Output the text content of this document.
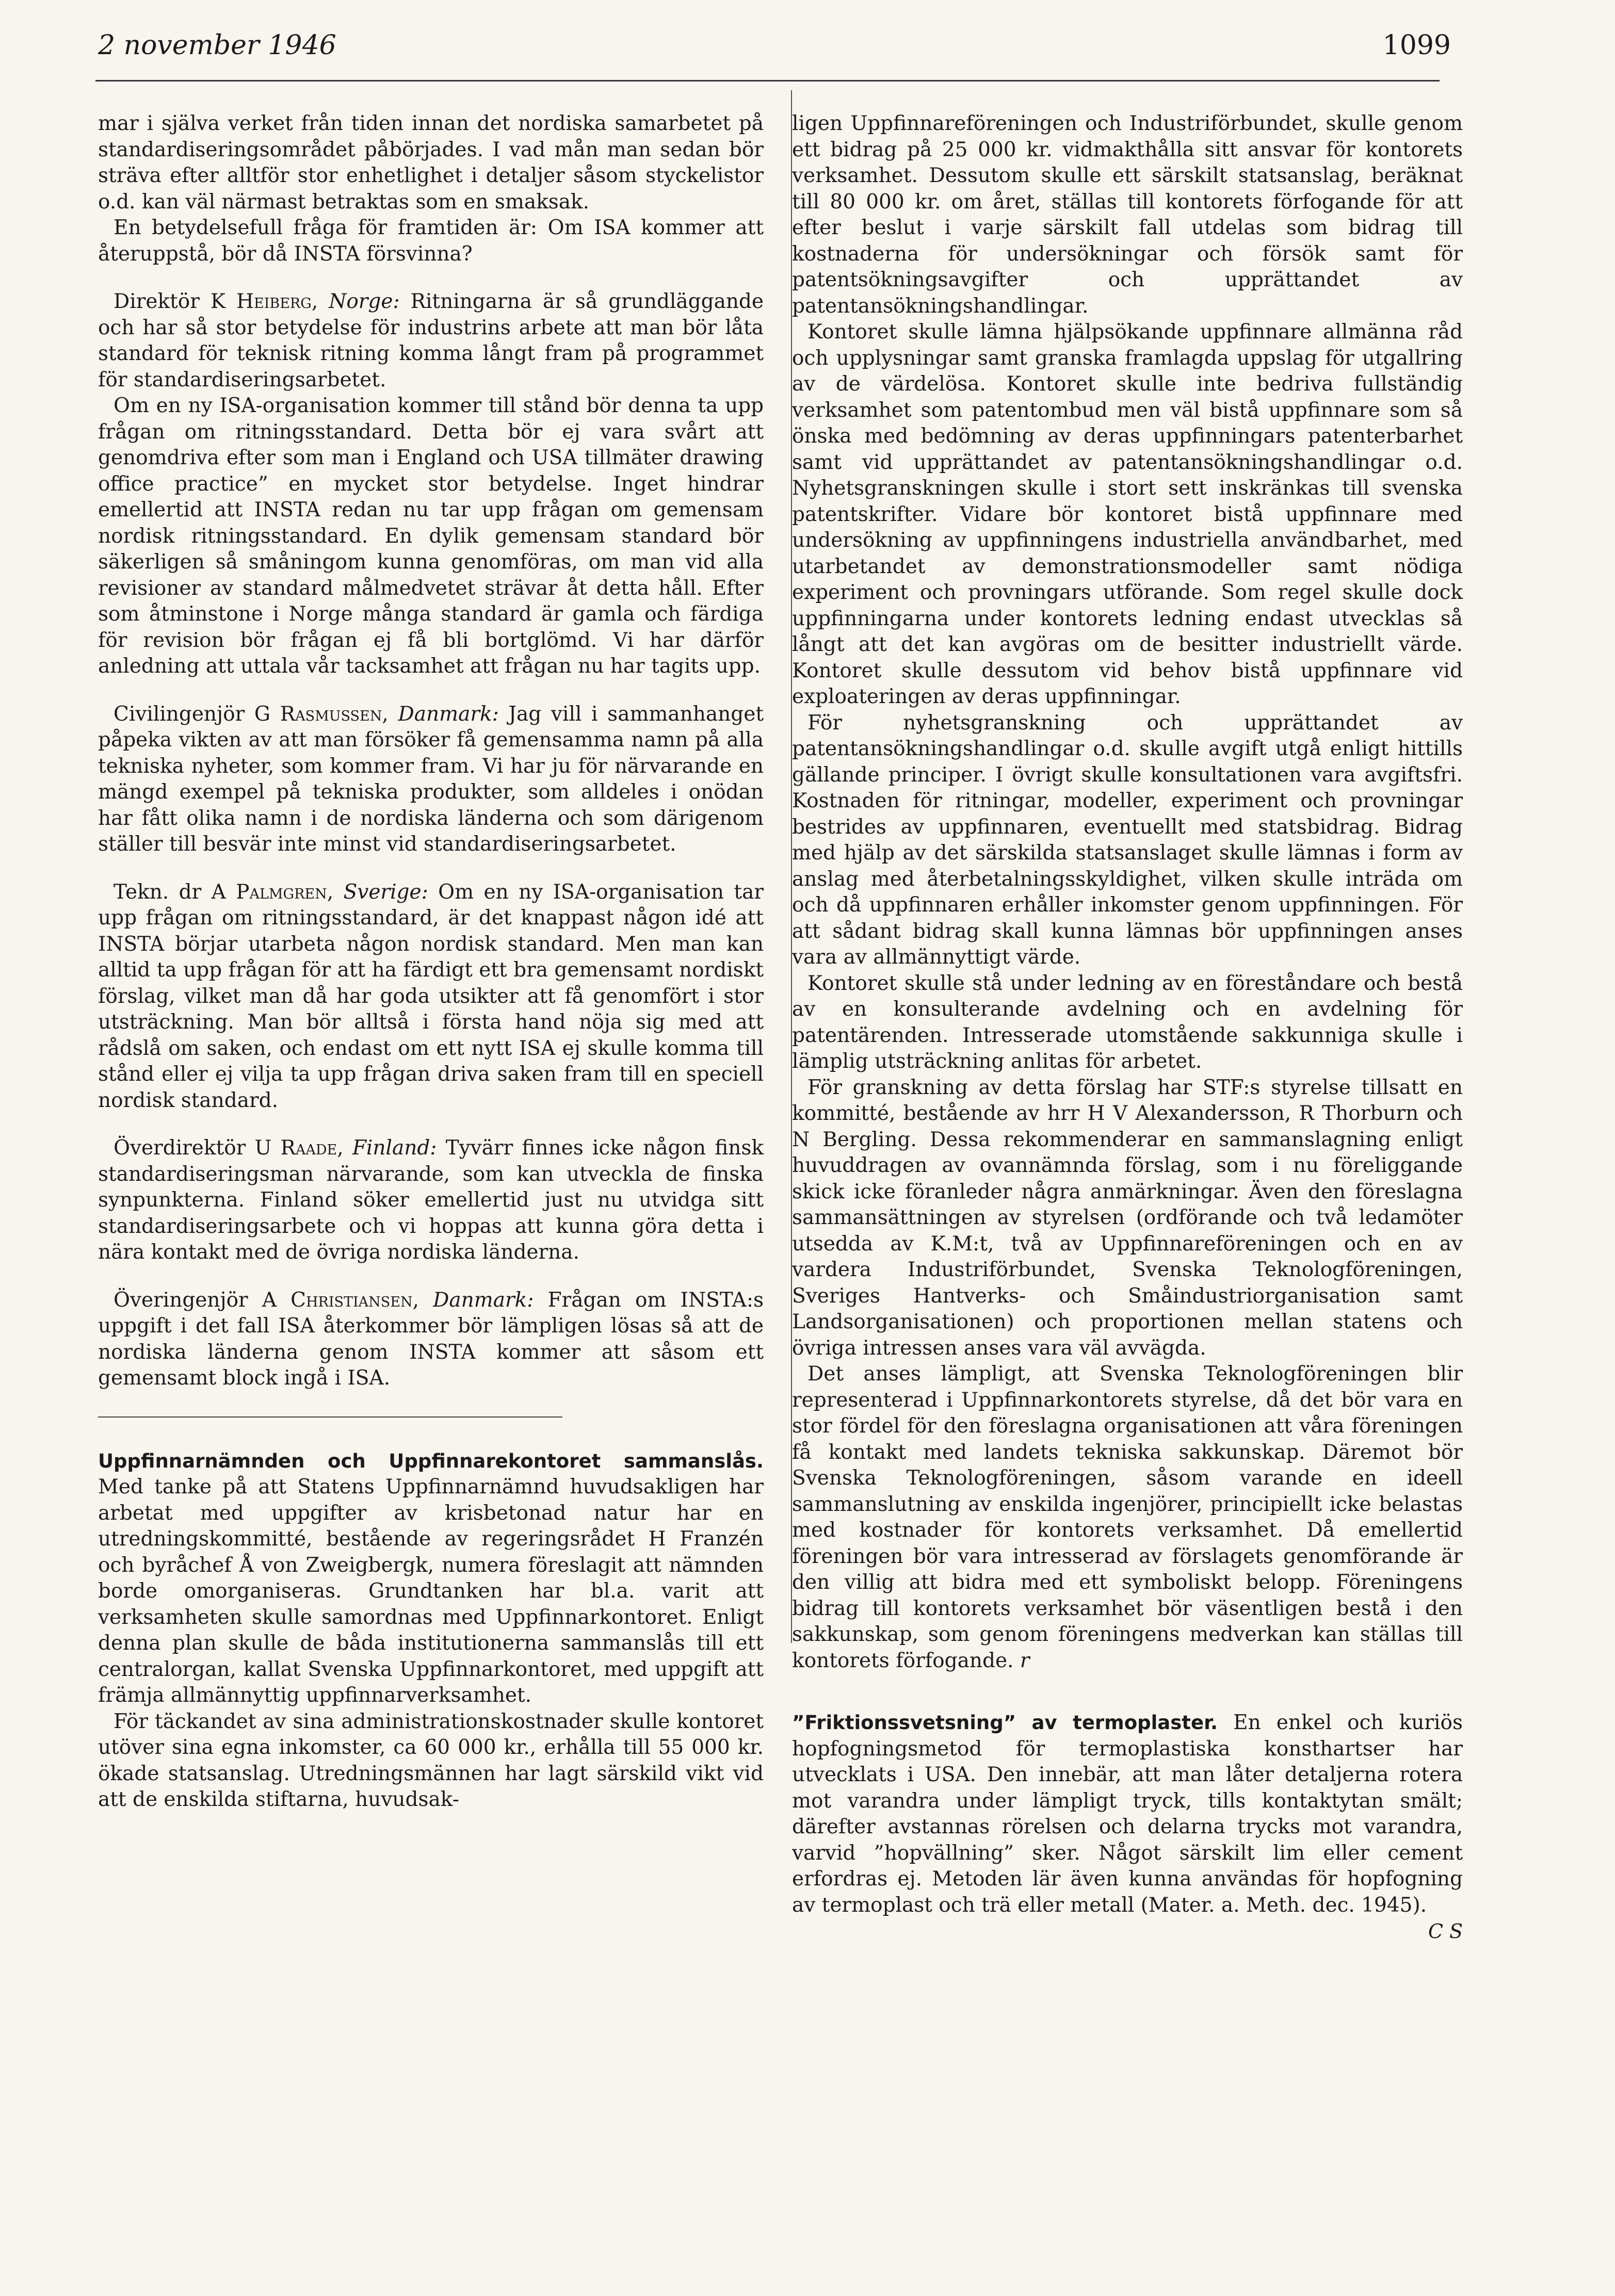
2 november 1946	1099

mar i själva verket från tiden innan det nordiska samarbetet på standardiseringsområdet påbörjades. I vad mån man sedan bör sträva efter alltför stor enhetlighet i detaljer såsom styckelistor o.d. kan väl närmast betraktas som en smaksak.

En betydelsefull fråga för framtiden är: Om ISA kommer att återuppstå, bör då INSTA försvinna?

Direktör K Heiberg, Norge: Ritningarna är så grundläggande och har så stor betydelse för industrins arbete att man bör låta standard för teknisk ritning komma långt fram på programmet för standardiseringsarbetet.

Om en ny ISA-organisation kommer till stånd bör denna ta upp frågan om ritningsstandard. Detta bör ej vara svårt att genomdriva efter som man i England och USA tillmäter drawing office practice” en mycket stor betydelse. Inget hindrar emellertid att INSTA redan nu tar upp frågan om gemensam nordisk ritningsstandard. En dylik gemensam standard bör säkerligen så småningom kunna genomföras, om man vid alla revisioner av standard målmedvetet strävar åt detta håll. Efter som åtminstone i Norge många standard är gamla och färdiga för revision bör frågan ej få bli bortglömd. Vi har därför anledning att uttala vår tacksamhet att frågan nu har tagits upp.

Civilingenjör G Rasmussen, Danmark: Jag vill i sammanhanget påpeka vikten av att man försöker få gemensamma namn på alla tekniska nyheter, som kommer fram. Vi har ju för närvarande en mängd exempel på tekniska produkter, som alldeles i onödan har fått olika namn i de nordiska länderna och som därigenom ställer till besvär inte minst vid standardiseringsarbetet.

Tekn. dr A Palmgren, Sverige: Om en ny ISA-organisation tar upp frågan om ritningsstandard, är det knappast någon idé att INSTA börjar utarbeta någon nordisk standard. Men man kan alltid ta upp frågan för att ha färdigt ett bra gemensamt nordiskt förslag, vilket man då har goda utsikter att få genomfört i stor utsträckning. Man bör alltså i första hand nöja sig med att rådslå om saken, och endast om ett nytt ISA ej skulle komma till stånd eller ej vilja ta upp frågan driva saken fram till en speciell nordisk standard.

Överdirektör U Raade, Finland: Tyvärr finnes icke någon finsk standardiseringsman närvarande, som kan utveckla de finska synpunkterna. Finland söker emellertid just nu utvidga sitt standardiseringsarbete och vi hoppas att kunna göra detta i nära kontakt med de övriga nordiska länderna.

Överingenjör A Christiansen, Danmark: Frågan om INSTA:s uppgift i det fall ISA återkommer bör lämpligen lösas så att de nordiska länderna genom INSTA kommer att såsom ett gemensamt block ingå i ISA.

Uppfinnarnämnden och Uppfinnarekontoret sammanslås. Med tanke på att Statens Uppfinnarnämnd huvudsakligen har arbetat med uppgifter av krisbetonad natur har en utredningskommitté, bestående av regeringsrådet H Franzén och byråchef Å von Zweigbergk, numera föreslagit att nämnden borde omorganiseras. Grundtanken har bl.a. varit att verksamheten skulle samordnas med Uppfinnarkontoret. Enligt denna plan skulle de båda institutionerna sammanslås till ett centralorgan, kallat Svenska Uppfinnarkontoret, med uppgift att främja allmännyttig uppfinnarverksamhet.

För täckandet av sina administrationskostnader skulle kontoret utöver sina egna inkomster, ca 60 000 kr., erhålla till 55 000 kr. ökade statsanslag. Utredningsmännen har lagt särskild vikt vid att de enskilda stiftarna, huvudsak-

ligen Uppfinnareföreningen och Industriförbundet, skulle genom ett bidrag på 25 000 kr. vidmakthålla sitt ansvar för kontorets verksamhet. Dessutom skulle ett särskilt statsanslag, beräknat till 80 000 kr. om året, ställas till kontorets förfogande för att efter beslut i varje särskilt fall utdelas som bidrag till kostnaderna för undersökningar och försök samt för patentsökningsavgifter och upprättandet av patentansökningshandlingar.

Kontoret skulle lämna hjälpsökande uppfinnare allmänna råd och upplysningar samt granska framlagda uppslag för utgallring av de värdelösa. Kontoret skulle inte bedriva fullständig verksamhet som patentombud men väl bistå uppfinnare som så önska med bedömning av deras uppfinningars patenterbarhet samt vid upprättandet av patentansökningshandlingar o.d. Nyhetsgranskningen skulle i stort sett inskränkas till svenska patentskrifter. Vidare bör kontoret bistå uppfinnare med undersökning av uppfinningens industriella användbarhet, med utarbetandet av demonstrationsmodeller samt nödiga experiment och provningars utförande. Som regel skulle dock uppfinningarna under kontorets ledning endast utvecklas så långt att det kan avgöras om de besitter industriellt värde. Kontoret skulle dessutom vid behov bistå uppfinnare vid exploateringen av deras uppfinningar.

För nyhetsgranskning och upprättandet av patentansökningshandlingar o.d. skulle avgift utgå enligt hittills gällande principer. I övrigt skulle konsultationen vara avgiftsfri. Kostnaden för ritningar, modeller, experiment och provningar bestrides av uppfinnaren, eventuellt med statsbidrag. Bidrag med hjälp av det särskilda statsanslaget skulle lämnas i form av anslag med återbetalningsskyldighet, vilken skulle inträda om och då uppfinnaren erhåller inkomster genom uppfinningen. För att sådant bidrag skall kunna lämnas bör uppfinningen anses vara av allmännyttigt värde.

Kontoret skulle stå under ledning av en föreståndare och bestå av en konsulterande avdelning och en avdelning för patentärenden. Intresserade utomstående sakkunniga skulle i lämplig utsträckning anlitas för arbetet.

För granskning av detta förslag har STF:s styrelse tillsatt en kommitté, bestående av hrr H V Alexandersson, R Thorburn och N Bergling. Dessa rekommenderar en sammanslagning enligt huvuddragen av ovannämnda förslag, som i nu föreliggande skick icke föranleder några anmärkningar. Även den föreslagna sammansättningen av styrelsen (ordförande och två ledamöter utsedda av K.M:t, två av Uppfinnareföreningen och en av vardera Industriförbundet, Svenska Teknologföreningen, Sveriges Hantverks- och Småindustriorganisation samt Landsorganisationen) och proportionen mellan statens och övriga intressen anses vara väl avvägda.

Det anses lämpligt, att Svenska Teknologföreningen blir representerad i Uppfinnarkontorets styrelse, då det bör vara en stor fördel för den föreslagna organisationen att våra föreningen få kontakt med landets tekniska sakkunskap. Däremot bör Svenska Teknologföreningen, såsom varande en ideell sammanslutning av enskilda ingenjörer, principiellt icke belastas med kostnader för kontorets verksamhet. Då emellertid föreningen bör vara intresserad av förslagets genomförande är den villig att bidra med ett symboliskt belopp. Föreningens bidrag till kontorets verksamhet bör väsentligen bestå i den sakkunskap, som genom föreningens medverkan kan ställas till kontorets förfogande. r

”Friktionssvetsning” av termoplaster. En enkel och kuriös hopfogningsmetod för termoplastiska konsthartser har utvecklats i USA. Den innebär, att man låter detaljerna rotera mot varandra under lämpligt tryck, tills kontaktytan smält; därefter avstannas rörelsen och delarna trycks mot varandra, varvid ”hopvällning” sker. Något särskilt lim eller cement erfordras ej. Metoden lär även kunna användas för hopfogning av termoplast och trä eller metall (Mater. a. Meth. dec. 1945).
C S
